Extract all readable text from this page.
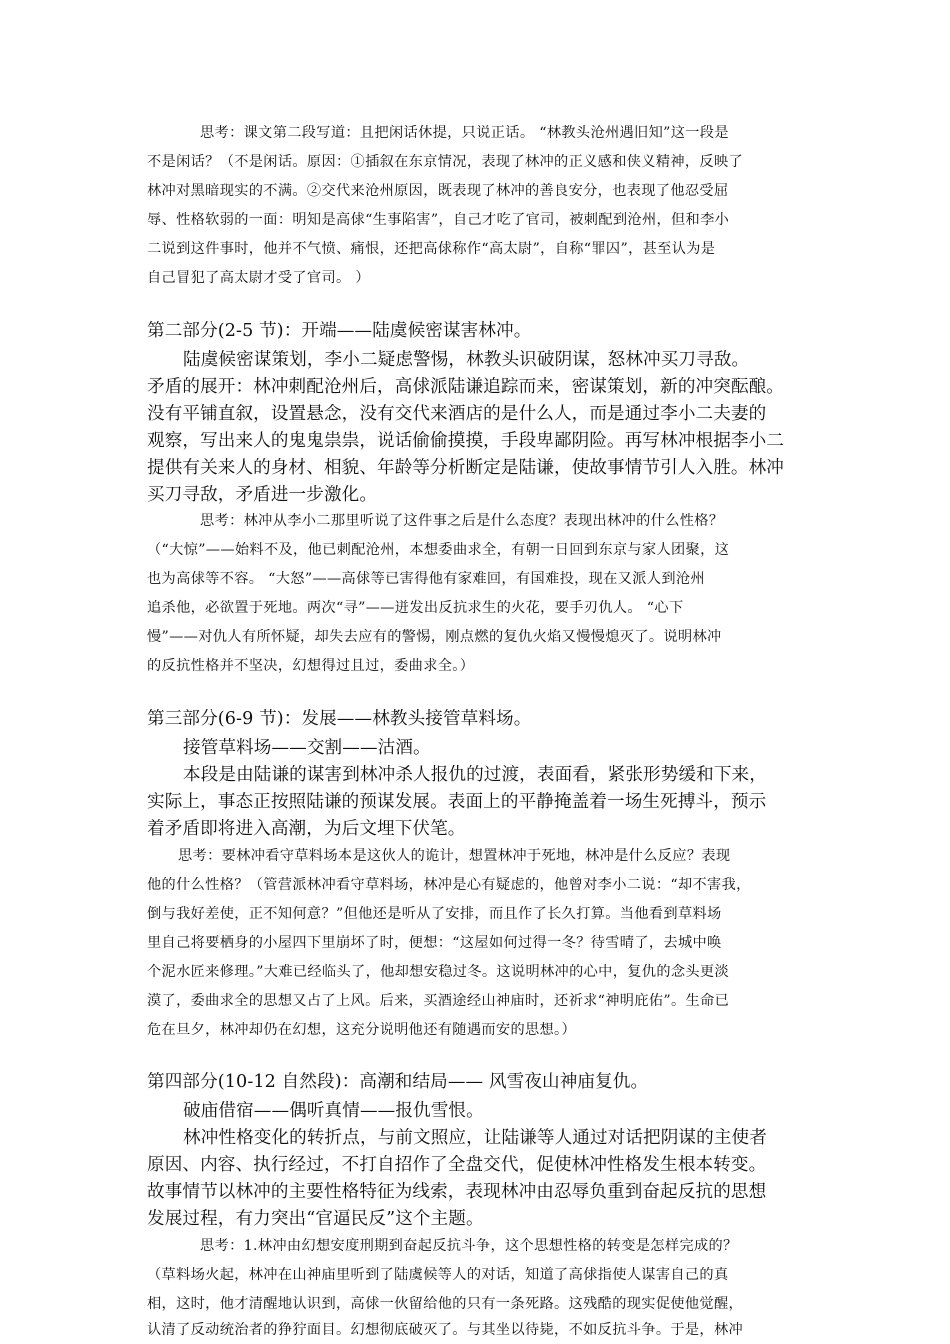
思考：课文第二段写道：且把闲话休提，只说正话。 “林教头沧州遇旧知”这一段是
不是闲话？（不是闲话。原因：①插叙在东京情况，表现了林冲的正义感和侠义精神，反映了
林冲对黑暗现实的不满。②交代来沧州原因，既表现了林冲的善良安分，也表现了他忍受屈
辱、性格软弱的一面：明知是高俅“生事陷害”，自己才吃了官司，被刺配到沧州，但和李小
二说到这件事时，他并不气愤、痛恨，还把高俅称作“高太尉”，自称“罪囚”，甚至认为是
自己冒犯了高太尉才受了官司。 ）
第二部分(2-5 节)：开端——陆虞候密谋害林冲。
陆虞候密谋策划，李小二疑虑警惕，林教头识破阴谋，怒林冲买刀寻敌。
矛盾的展开：林冲刺配沧州后，高俅派陆谦追踪而来，密谋策划，新的冲突酝酿。
没有平铺直叙，设置悬念，没有交代来酒店的是什么人，而是通过李小二夫妻的
观察，写出来人的鬼鬼祟祟，说话偷偷摸摸，手段卑鄙阴险。再写林冲根据李小二
提供有关来人的身材、相貌、年龄等分析断定是陆谦，使故事情节引人入胜。林冲
买刀寻敌，矛盾进一步激化。
思考：林冲从李小二那里听说了这件事之后是什么态度？表现出林冲的什么性格？
（“大惊”——始料不及，他已刺配沧州，本想委曲求全，有朝一日回到东京与家人团聚，这
也为高俅等不容。 “大怒”——高俅等已害得他有家难回，有国难投，现在又派人到沧州
追杀他，必欲置于死地。两次“寻”——迸发出反抗求生的火花，要手刃仇人。 “心下
慢”——对仇人有所怀疑，却失去应有的警惕，刚点燃的复仇火焰又慢慢熄灭了。说明林冲
的反抗性格并不坚决，幻想得过且过，委曲求全。）
第三部分(6-9 节)：发展——林教头接管草料场。
接管草料场——交割——沽酒。
本段是由陆谦的谋害到林冲杀人报仇的过渡，表面看，紧张形势缓和下来，
实际上，事态正按照陆谦的预谋发展。表面上的平静掩盖着一场生死搏斗，预示
着矛盾即将进入高潮，为后文埋下伏笔。
思考：要林冲看守草料场本是这伙人的诡计，想置林冲于死地，林冲是什么反应？表现
他的什么性格？（管营派林冲看守草料场，林冲是心有疑虑的，他曾对李小二说：“却不害我，
倒与我好差使，正不知何意？”但他还是听从了安排，而且作了长久打算。当他看到草料场
里自己将要栖身的小屋四下里崩坏了时，便想：“这屋如何过得一冬？待雪晴了，去城中唤
个泥水匠来修理。”大难已经临头了，他却想安稳过冬。这说明林冲的心中，复仇的念头更淡
漠了，委曲求全的思想又占了上风。后来，买酒途经山神庙时，还祈求“神明庇佑”。生命已
危在旦夕，林冲却仍在幻想，这充分说明他还有随遇而安的思想。）
第四部分(10-12 自然段)：高潮和结局—— 风雪夜山神庙复仇。
破庙借宿——偶听真情——报仇雪恨。
林冲性格变化的转折点，与前文照应，让陆谦等人通过对话把阴谋的主使者
原因、内容、执行经过，不打自招作了全盘交代，促使林冲性格发生根本转变。
故事情节以林冲的主要性格特征为线索，表现林冲由忍辱负重到奋起反抗的思想
发展过程，有力突出“官逼民反”这个主题。
思考：1.林冲由幻想安度刑期到奋起反抗斗争，这个思想性格的转变是怎样完成的？
（草料场火起，林冲在山神庙里听到了陆虞候等人的对话，知道了高俅指使人谋害自己的真
相，这时，他才清醒地认识到，高俅一伙留给他的只有一条死路。这残酷的现实促使他觉醒，
认清了反动统治者的狰狞面目。幻想彻底破灭了。与其坐以待毙，不如反抗斗争。于是，林冲
